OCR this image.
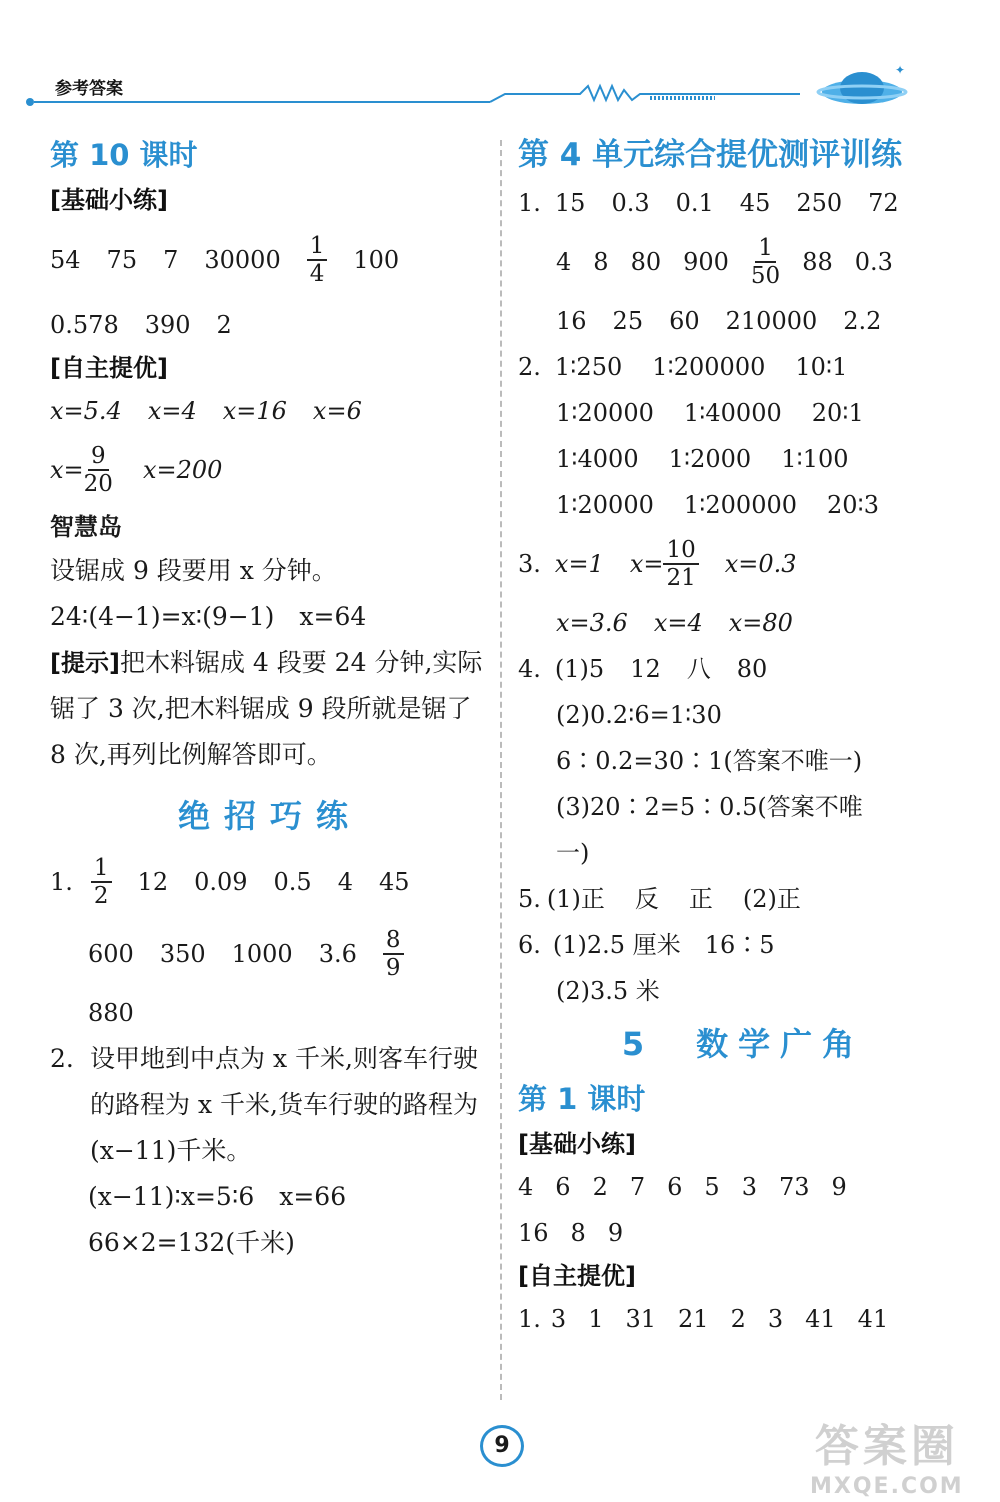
参考答案
✦
第 10 课时
[基础小练]
54 75 7 $30000 \frac{1}{4} 100$
0.578 390 2
[自主提优]
x=5.4 x=4 x=16 x=6
$x= \frac{9}{20} x=200$
智慧岛
设锯成 9 段要用 x 分钟。
24∶(4−1)=x∶(9−1)　x=64
[提示]把木料锯成 4 段要 24 分钟,实际锯了 3 次,把木料锯成 9 段所就是锯了 8 次,再列比例解答即可。
绝招巧练
1. $\frac{1}{2} 12$ 0.09 0.5 4 45
600 350 1000 $3.6 \frac{8}{9}$
880
2. 设甲地到中点为 x 千米,则客车行驶的路程为 x 千米,货车行驶的路程为(x−11)千米。
(x−11)∶x=5∶6　x=66
66×2=132(千米)
第 4 单元综合提优测评训练
1. 15 0.3 0.1 45 250 72
4 8 80 $900 \frac{1}{50} 88$ 0.3
16 25 60 210000 2.2
2. 1∶250 1∶200000 10∶1
1∶20000 1∶40000 20∶1
1∶4000 1∶2000 1∶100
1∶20000 1∶200000 20∶3
3. x=1 $x= \frac{10}{21} x=0.3$
x=3.6 x=4 x=80
4. (1)5 12 八 80
(2)0.2∶6=1∶30
6∶0.2=30∶1(答案不唯一)
(3)20∶2=5∶0.5(答案不唯
一)
5. (1)正 反 正 (2)正
6. (1)2.5 厘米　16∶5
(2)3.5 米
5　数学广角
第 1 课时
[基础小练]
4 6 2 7 6 5 3 73 9
16 8 9
[自主提优]
1. 3 1 31 21 2 3 41 41
9	答案圈
MXQE.COM
